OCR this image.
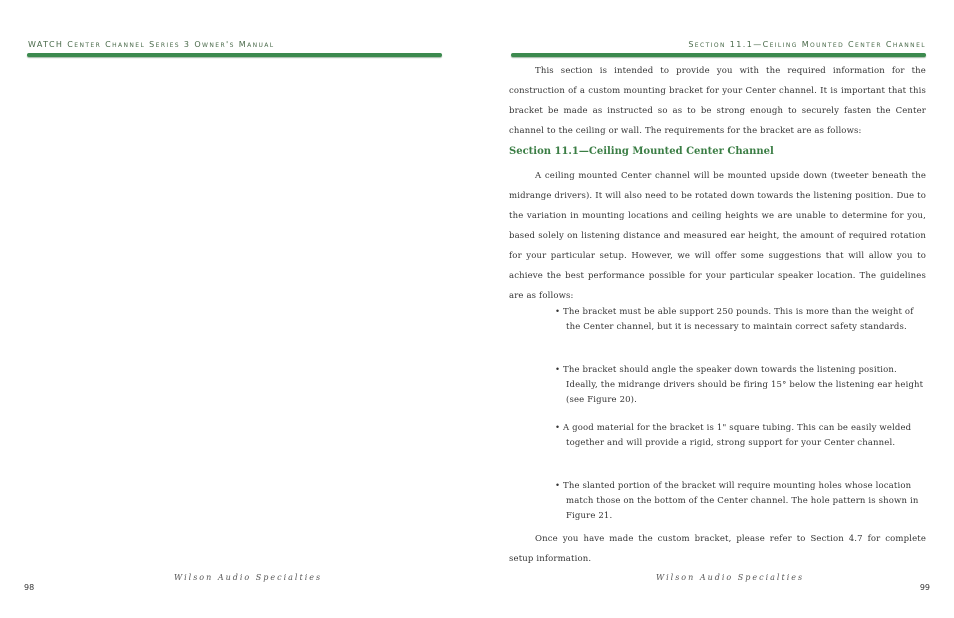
WATCH Center Channel Series 3 Owner's Manual
Wilson Audio Specialties
98
Section 11.1—Ceiling Mounted Center Channel

This section is intended to provide you with the required information for the construction of a custom mounting bracket for your Center channel. It is important that this bracket be made as instructed so as to be strong enough to securely fasten the Center channel to the ceiling or wall. The requirements for the bracket are as follows:

Section 11.1—Ceiling Mounted Center Channel

A ceiling mounted Center channel will be mounted upside down (tweeter beneath the midrange drivers). It will also need to be rotated down towards the listening position. Due to the variation in mounting locations and ceiling heights we are unable to determine for you, based solely on listening distance and measured ear height, the amount of required rotation for your particular setup. However, we will offer some suggestions that will allow you to achieve the best performance possible for your particular speaker location. The guidelines are as follows:

• The bracket must be able support 250 pounds. This is more than the weight of the Center channel, but it is necessary to maintain correct safety standards.

• The bracket should angle the speaker down towards the listening position. Ideally, the midrange drivers should be firing 15° below the listening ear height (see Figure 20).

• A good material for the bracket is 1" square tubing. This can be easily welded together and will provide a rigid, strong support for your Center channel.

• The slanted portion of the bracket will require mounting holes whose location match those on the bottom of the Center channel. The hole pattern is shown in Figure 21.

Once you have made the custom bracket, please refer to Section 4.7 for complete setup information.

Wilson Audio Specialties
99
